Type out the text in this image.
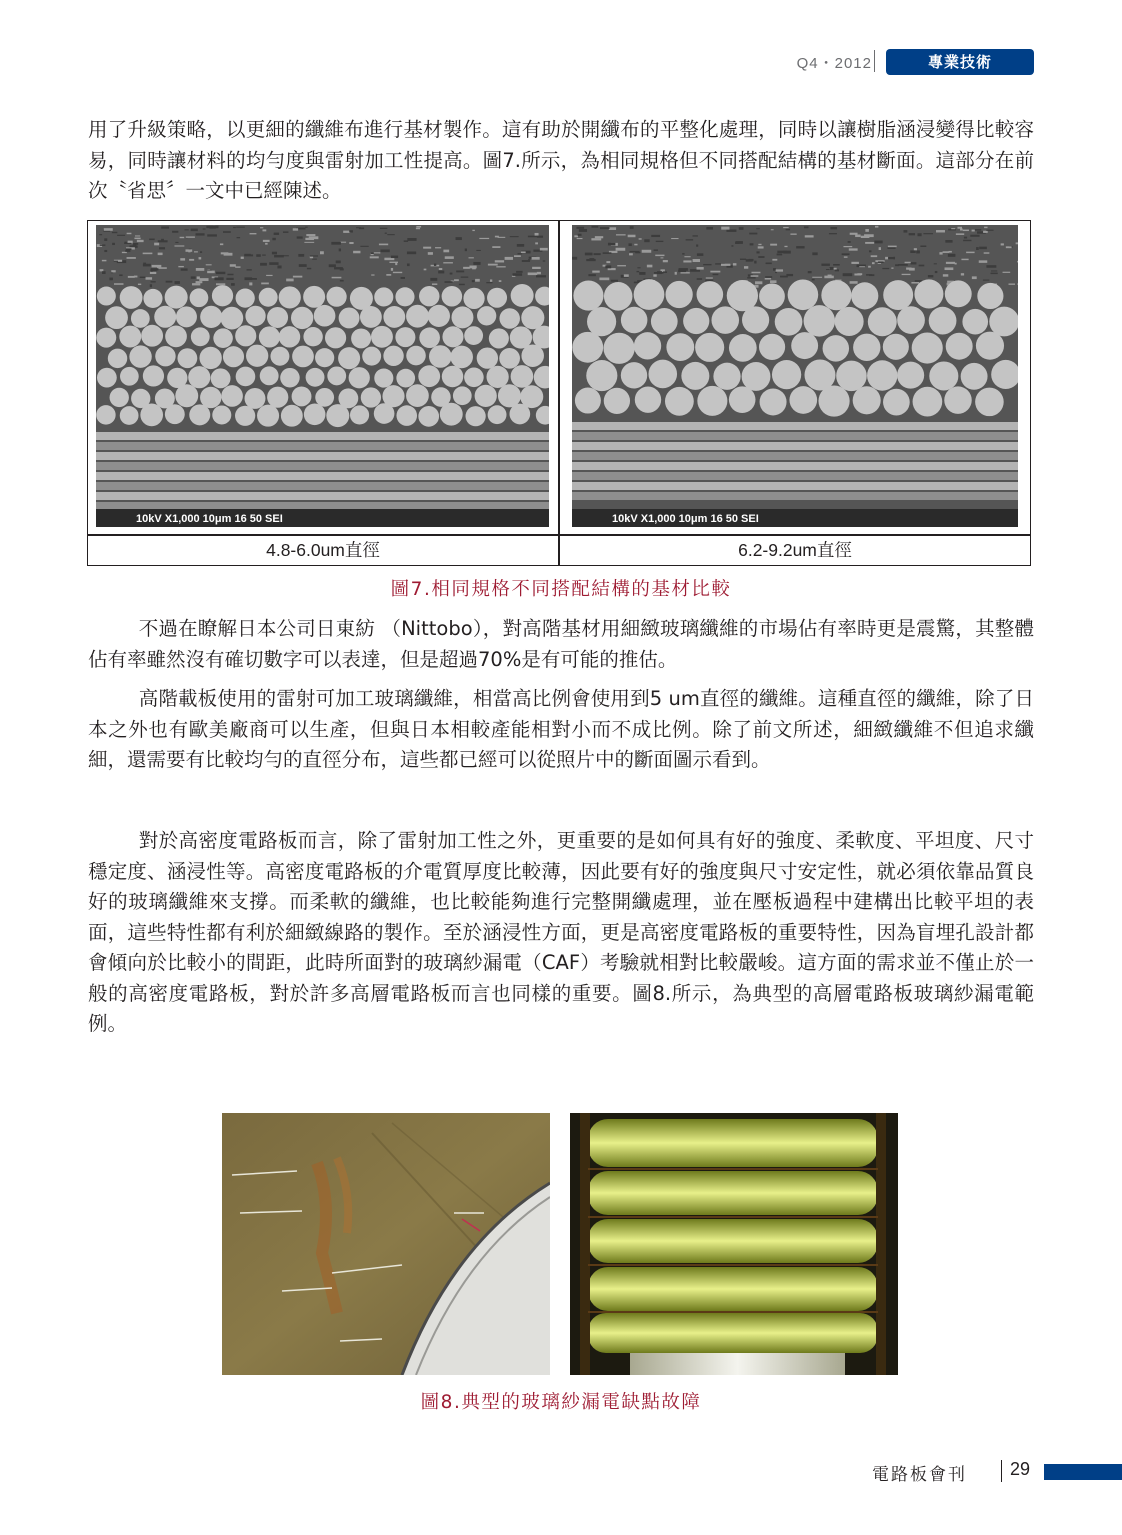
Q4・2012	專業技術

用了升級策略，以更細的纖維布進行基材製作。這有助於開纖布的平整化處理，同時以讓樹脂涵浸變得比較容易，同時讓材料的均勻度與雷射加工性提高。圖7.所示，為相同規格但不同搭配結構的基材斷面。這部分在前次〝省思〞一文中已經陳述。

10kV X1,000 10μm 16 50 SEI	10kV X1,000 10μm 16 50 SEI
4.8-6.0um直徑	6.2-9.2um直徑
圖7.相同規格不同搭配結構的基材比較

不過在瞭解日本公司日東紡 （Nittobo），對高階基材用細緻玻璃纖維的市場佔有率時更是震驚，其整體佔有率雖然沒有確切數字可以表達，但是超過70%是有可能的推估。

高階載板使用的雷射可加工玻璃纖維，相當高比例會使用到5 um直徑的纖維。這種直徑的纖維，除了日本之外也有歐美廠商可以生產，但與日本相較產能相對小而不成比例。除了前文所述，細緻纖維不但追求纖細，還需要有比較均勻的直徑分布，這些都已經可以從照片中的斷面圖示看到。

對於高密度電路板而言，除了雷射加工性之外，更重要的是如何具有好的強度、柔軟度、平坦度、尺寸穩定度、涵浸性等。高密度電路板的介電質厚度比較薄，因此要有好的強度與尺寸安定性，就必須依靠品質良好的玻璃纖維來支撐。而柔軟的纖維，也比較能夠進行完整開纖處理，並在壓板過程中建構出比較平坦的表面，這些特性都有利於細緻線路的製作。至於涵浸性方面，更是高密度電路板的重要特性，因為盲埋孔設計都會傾向於比較小的間距，此時所面對的玻璃紗漏電（CAF）考驗就相對比較嚴峻。這方面的需求並不僅止於一般的高密度電路板，對於許多高層電路板而言也同樣的重要。圖8.所示，為典型的高層電路板玻璃紗漏電範例。

圖8.典型的玻璃紗漏電缺點故障
電路板會刊 29
